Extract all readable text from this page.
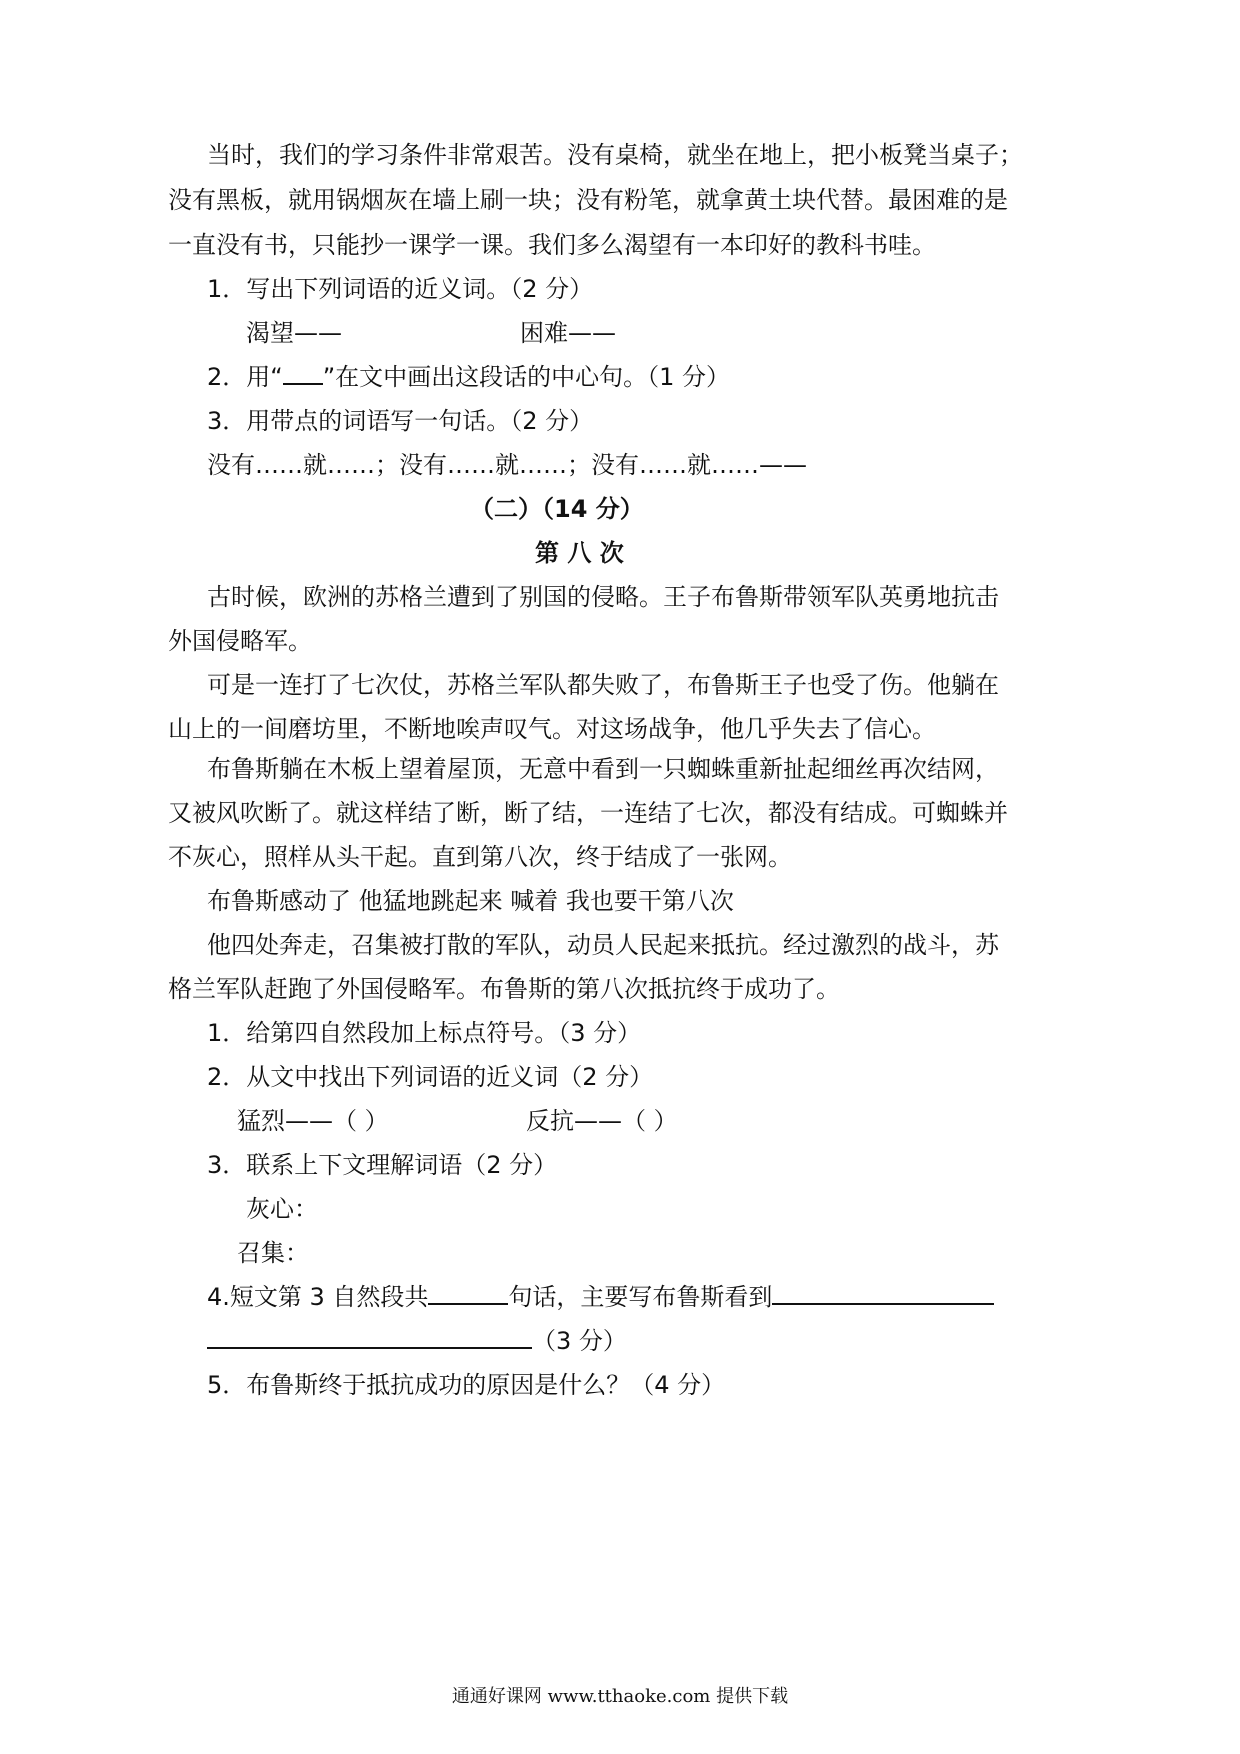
当时，我们的学习条件非常艰苦。没有桌椅，就坐在地上，把小板凳当桌子；
没有黑板，就用锅烟灰在墙上刷一块；没有粉笔，就拿黄土块代替。最困难的是
一直没有书，只能抄一课学一课。我们多么渴望有一本印好的教科书哇。
1．写出下列词语的近义词。（2 分）
渴望——	困难——
2．用“ ”在文中画出这段话的中心句。（1 分）
3．用带点的词语写一句话。（2 分）
没有……就……；没有……就……；没有……就……——
（二）（14 分）
第 八 次
古时候，欧洲的苏格兰遭到了别国的侵略。王子布鲁斯带领军队英勇地抗击
外国侵略军。
可是一连打了七次仗，苏格兰军队都失败了，布鲁斯王子也受了伤。他躺在
山上的一间磨坊里，不断地唉声叹气。对这场战争，他几乎失去了信心。
布鲁斯躺在木板上望着屋顶，无意中看到一只蜘蛛重新扯起细丝再次结网，
又被风吹断了。就这样结了断，断了结，一连结了七次，都没有结成。可蜘蛛并
不灰心，照样从头干起。直到第八次，终于结成了一张网。
布鲁斯感动了 他猛地跳起来 喊着 我也要干第八次
他四处奔走，召集被打散的军队，动员人民起来抵抗。经过激烈的战斗，苏
格兰军队赶跑了外国侵略军。布鲁斯的第八次抵抗终于成功了。
1．给第四自然段加上标点符号。（3 分）
2．从文中找出下列词语的近义词（2 分）
猛烈——（ ）	反抗——（ ）
3．联系上下文理解词语（2 分）
灰心：
召集：
4.短文第 3 自然段共	句话，主要写布鲁斯看到
（3 分）
5．布鲁斯终于抵抗成功的原因是什么？（4 分）
通通好课网 www.tthaoke.com 提供下载
